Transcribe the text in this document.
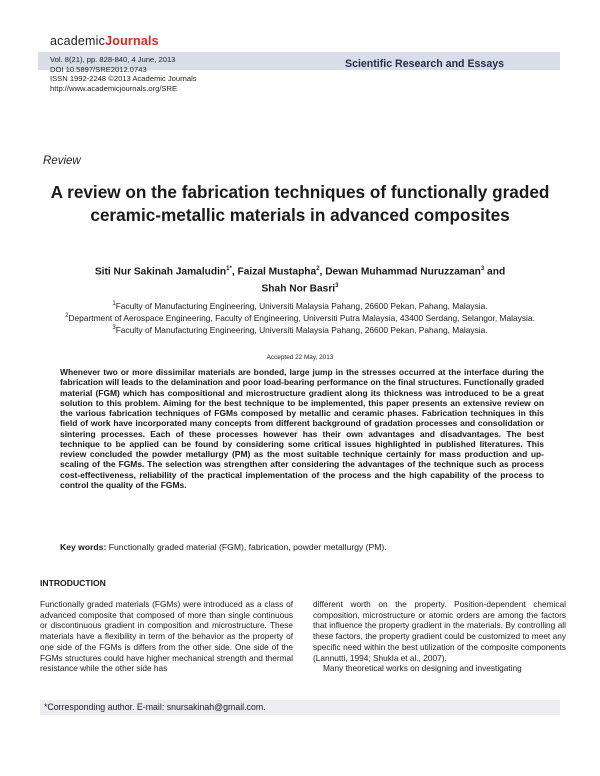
academicJournals
Vol. 8(21), pp. 828-840, 4 June, 2013
DOI 10.5897/SRE2012.0743
ISSN 1992-2248 ©2013 Academic Journals
http://www.academicjournals.org/SRE
Scientific Research and Essays
Review
A review on the fabrication techniques of functionally graded ceramic-metallic materials in advanced composites
Siti Nur Sakinah Jamaludin$^{1*}$, Faizal Mustapha$^2$, Dewan Muhammad Nuruzzaman$^3$ and
Shah Nor Basri$^3$
$^1$Faculty of Manufacturing Engineering, Universiti Malaysia Pahang, 26600 Pekan, Pahang, Malaysia.
$^2$Department of Aerospace Engineering, Faculty of Engineering, Universiti Putra Malaysia, 43400 Serdang, Selangor, Malaysia.
$^3$Faculty of Manufacturing Engineering, Universiti Malaysia Pahang, 26600 Pekan, Pahang, Malaysia.
Accepted 22 May, 2013
Whenever two or more dissimilar materials are bonded, large jump in the stresses occurred at the interface during the fabrication will leads to the delamination and poor load-bearing performance on the final structures. Functionally graded material (FGM) which has compositional and microstructure gradient along its thickness was introduced to be a great solution to this problem. Aiming for the best technique to be implemented, this paper presents an extensive review on the various fabrication techniques of FGMs composed by metallic and ceramic phases. Fabrication techniques in this field of work have incorporated many concepts from different background of gradation processes and consolidation or sintering processes. Each of these processes however has their own advantages and disadvantages. The best technique to be applied can be found by considering some critical issues highlighted in published literatures. This review concluded the powder metallurgy (PM) as the most suitable technique certainly for mass production and up-scaling of the FGMs. The selection was strengthen after considering the advantages of the technique such as process cost-effectiveness, reliability of the practical implementation of the process and the high capability of the process to control the quality of the FGMs.
Key words: Functionally graded material (FGM), fabrication, powder metallurgy (PM).
INTRODUCTION

Functionally graded materials (FGMs) were introduced as a class of advanced composite that composed of more than single continuous or discontinuous gradient in composition and microstructure. These materials have a flexibility in term of the behavior as the property of one side of the FGMs is differs from the other side. One side of the FGMs structures could have higher mechanical strength and thermal resistance while the other side has

different worth on the property. Position-dependent chemical composition, microstructure or atomic orders are among the factors that influence the property gradient in the materials. By controlling all these factors, the property gradient could be customized to meet any specific need within the best utilization of the composite components (Lannutti, 1994; Shukla et al., 2007).

Many theoretical works on designing and investigating

*Corresponding author. E-mail: snursakinah@gmail.com.
